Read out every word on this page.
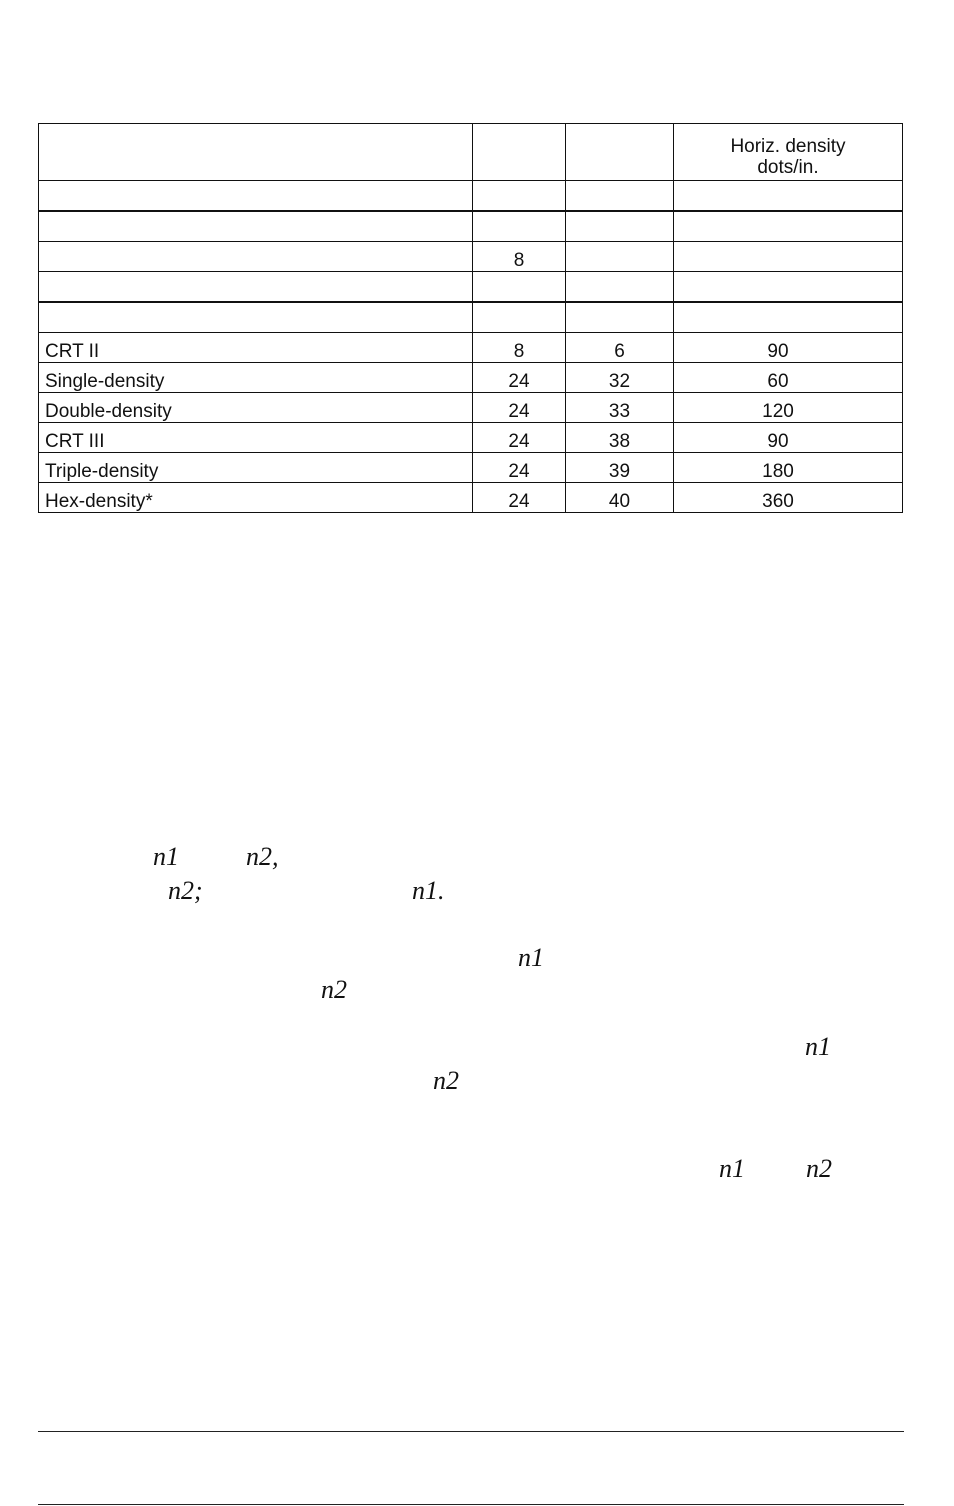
			Horiz. density
dots/in.

	8		

CRT II	8	6	90
Single-density	24	32	60
Double-density	24	33	120
CRT III	24	38	90
Triple-density	24	39	180
Hex-density*	24	40	360
n1	n2,
n2;	n1.
n1
n2
n1
n2
n1 n2
